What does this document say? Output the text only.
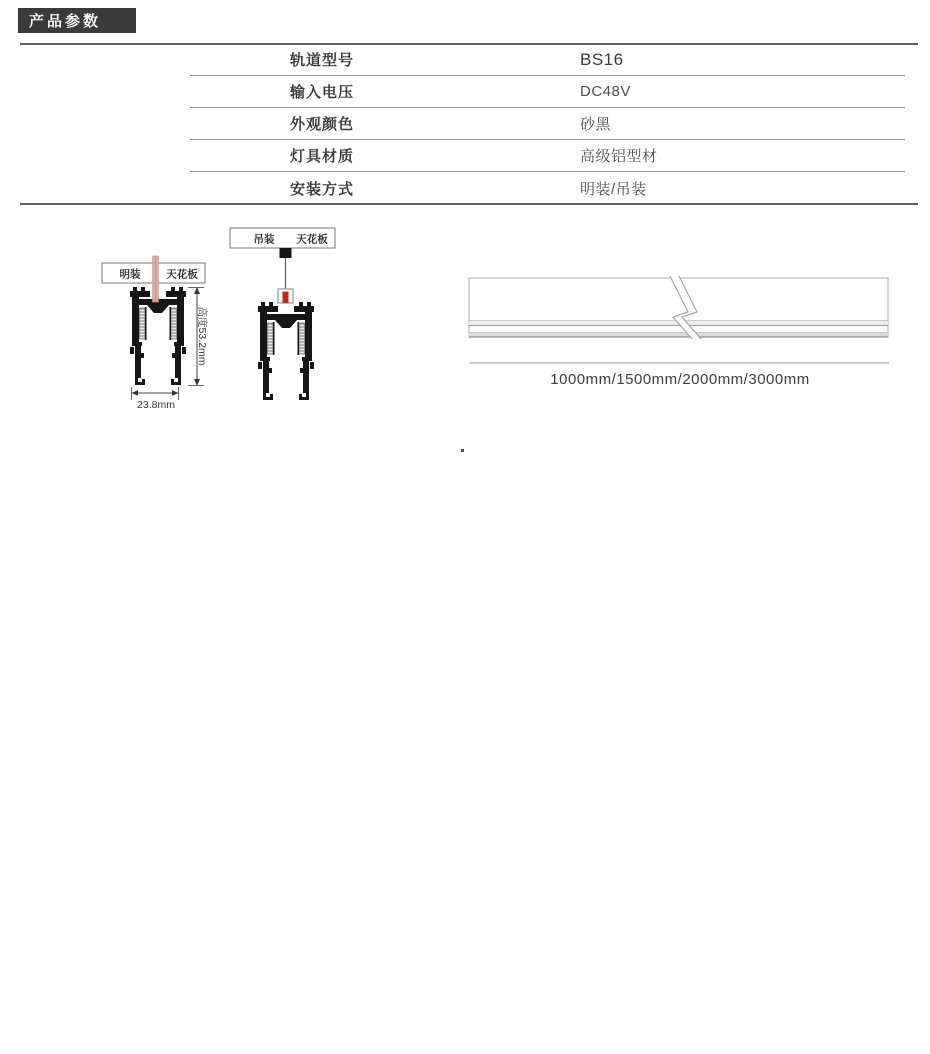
产品参数
轨道型号	BS16
输入电压	DC48V
外观颜色	砂黑
灯具材质	高级铝型材
安装方式	明装/吊装
明装 天花板
高度53.2mm
23.8mm
吊装 天花板
1000mm/1500mm/2000mm/3000mm
